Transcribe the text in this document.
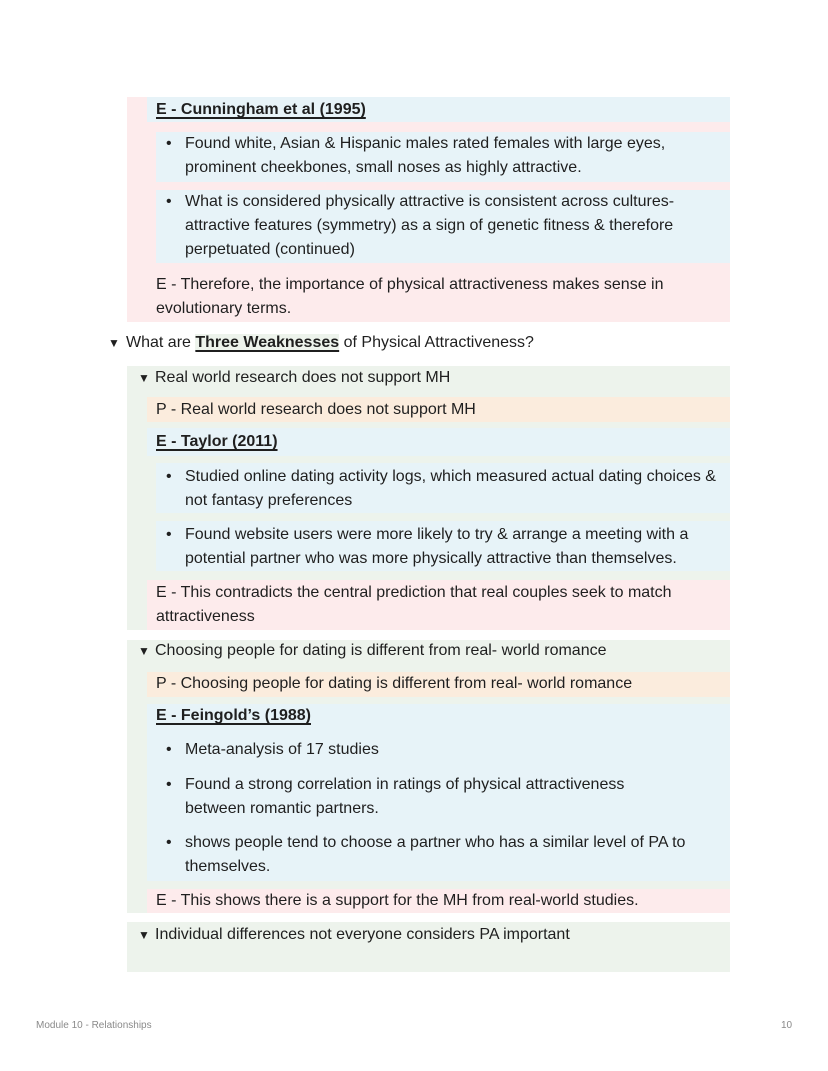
E - Cunningham et al (1995)
• Found white, Asian & Hispanic males rated females with large eyes, prominent cheekbones, small noses as highly attractive.
• What is considered physically attractive is consistent across cultures- attractive features (symmetry) as a sign of genetic fitness & therefore perpetuated (continued)
E - Therefore, the importance of physical attractiveness makes sense in evolutionary terms.
▼ What are Three Weaknesses of Physical Attractiveness?
▼ Real world research does not support MH
P - Real world research does not support MH
E - Taylor (2011)
• Studied online dating activity logs, which measured actual dating choices & not fantasy preferences
• Found website users were more likely to try & arrange a meeting with a potential partner who was more physically attractive than themselves.
E - This contradicts the central prediction that real couples seek to match attractiveness
▼ Choosing people for dating is different from real- world romance
P - Choosing people for dating is different from real- world romance
E - Feingold’s (1988)
• Meta-analysis of 17 studies
• Found a strong correlation in ratings of physical attractiveness between romantic partners.
• shows people tend to choose a partner who has a similar level of PA to themselves.
E - This shows there is a support for the MH from real-world studies.
▼ Individual differences not everyone considers PA important
Module 10 - Relationships	10
